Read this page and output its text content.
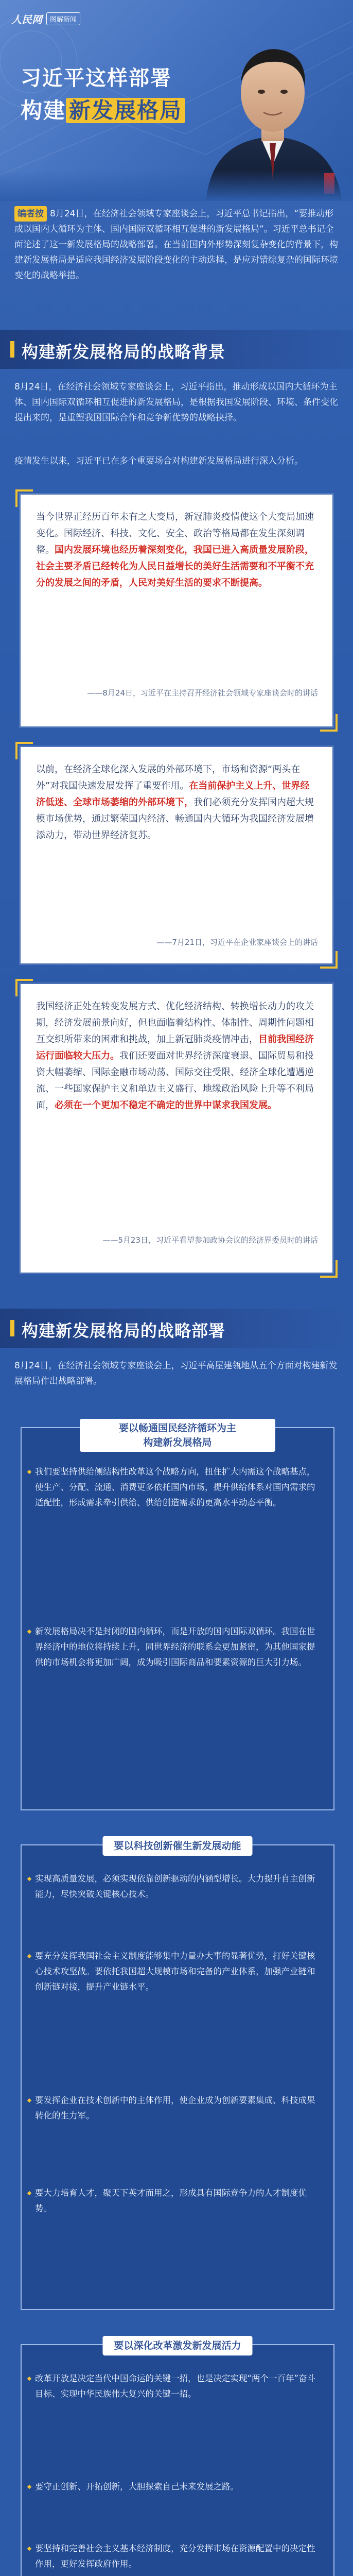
人民网	图解新闻
习近平这样部署
构建 新发展格局
编者按 8月24日，在经济社会领域专家座谈会上，习近平总书记指出，“要推动形成以国内大循环为主体、国内国际双循环相互促进的新发展格局”。习近平总书记全面论述了这一新发展格局的战略部署。在当前国内外形势深刻复杂变化的背景下，构建新发展格局是适应我国经济发展阶段变化的主动选择，是应对错综复杂的国际环境变化的战略举措。
构建新发展格局的战略背景
8月24日，在经济社会领域专家座谈会上，习近平指出，推动形成以国内大循环为主体、国内国际双循环相互促进的新发展格局，是根据我国发展阶段、环境、条件变化提出来的，是重塑我国国际合作和竞争新优势的战略抉择。
疫情发生以来，习近平已在多个重要场合对构建新发展格局进行深入分析。
当今世界正经历百年未有之大变局，新冠肺炎疫情使这个大变局加速变化。国际经济、科技、文化、安全、政治等格局都在发生深刻调整。国内发展环境也经历着深刻变化，我国已进入高质量发展阶段，社会主要矛盾已经转化为人民日益增长的美好生活需要和不平衡不充分的发展之间的矛盾，人民对美好生活的要求不断提高。
——8月24日，习近平在主持召开经济社会领域专家座谈会时的讲话
以前，在经济全球化深入发展的外部环境下，市场和资源“两头在外”对我国快速发展发挥了重要作用。在当前保护主义上升、世界经济低迷、全球市场萎缩的外部环境下，我们必须充分发挥国内超大规模市场优势，通过繁荣国内经济、畅通国内大循环为我国经济发展增添动力，带动世界经济复苏。
——7月21日，习近平在企业家座谈会上的讲话
我国经济正处在转变发展方式、优化经济结构、转换增长动力的攻关期，经济发展前景向好，但也面临着结构性、体制性、周期性问题相互交织所带来的困难和挑战，加上新冠肺炎疫情冲击，目前我国经济运行面临较大压力。我们还要面对世界经济深度衰退、国际贸易和投资大幅萎缩、国际金融市场动荡、国际交往受限、经济全球化遭遇逆流、一些国家保护主义和单边主义盛行、地缘政治风险上升等不利局面，必须在一个更加不稳定不确定的世界中谋求我国发展。
——5月23日，习近平看望参加政协会议的经济界委员时的讲话
构建新发展格局的战略部署
8月24日，在经济社会领域专家座谈会上，习近平高屋建瓴地从五个方面对构建新发展格局作出战略部署。
要以畅通国民经济循环为主
构建新发展格局
我们要坚持供给侧结构性改革这个战略方向，扭住扩大内需这个战略基点，使生产、分配、流通、消费更多依托国内市场，提升供给体系对国内需求的适配性，形成需求牵引供给、供给创造需求的更高水平动态平衡。
新发展格局决不是封闭的国内循环，而是开放的国内国际双循环。我国在世界经济中的地位将持续上升，同世界经济的联系会更加紧密，为其他国家提供的市场机会将更加广阔，成为吸引国际商品和要素资源的巨大引力场。
要以科技创新催生新发展动能
实现高质量发展，必须实现依靠创新驱动的内涵型增长。大力提升自主创新能力，尽快突破关键核心技术。
要充分发挥我国社会主义制度能够集中力量办大事的显著优势，打好关键核心技术攻坚战。要依托我国超大规模市场和完备的产业体系，加强产业链和创新链对接，提升产业链水平。
要发挥企业在技术创新中的主体作用，使企业成为创新要素集成、科技成果转化的生力军。
要大力培育人才，聚天下英才而用之，形成具有国际竞争力的人才制度优势。
要以深化改革激发新发展活力
改革开放是决定当代中国命运的关键一招，也是决定实现“两个一百年”奋斗目标、实现中华民族伟大复兴的关键一招。
要守正创新、开拓创新，大胆探索自己未来发展之路。
要坚持和完善社会主义基本经济制度，充分发挥市场在资源配置中的决定性作用，更好发挥政府作用。
